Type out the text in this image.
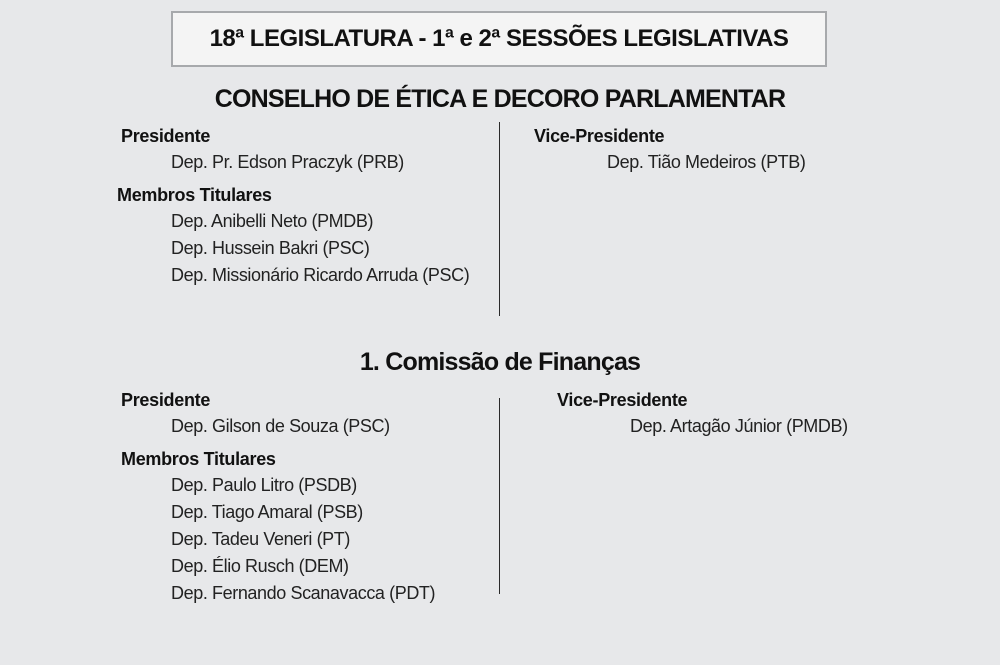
18ª LEGISLATURA - 1ª e 2ª SESSÕES LEGISLATIVAS
CONSELHO DE ÉTICA E DECORO PARLAMENTAR
Presidente
Dep. Pr. Edson Praczyk (PRB)
Membros Titulares
Dep. Anibelli Neto (PMDB)
Dep. Hussein Bakri (PSC)
Dep. Missionário Ricardo Arruda (PSC)
Vice-Presidente
Dep. Tião Medeiros (PTB)
1. Comissão de Finanças
Presidente
Dep. Gilson de Souza (PSC)
Membros Titulares
Dep. Paulo Litro (PSDB)
Dep. Tiago Amaral (PSB)
Dep. Tadeu Veneri (PT)
Dep. Élio Rusch (DEM)
Dep. Fernando Scanavacca (PDT)
Vice-Presidente
Dep. Artagão Júnior (PMDB)
